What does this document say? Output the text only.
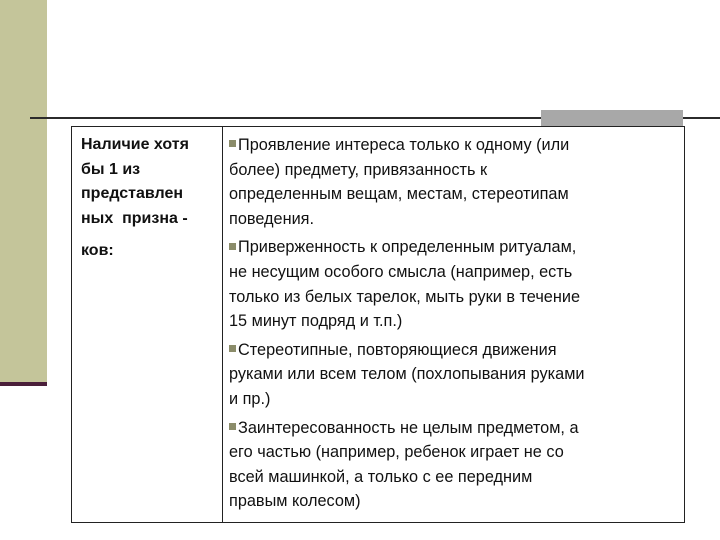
Наличие хотя
бы 1 из
представлен
ных  призна -
ков:
Проявление интереса только к одному (или
более) предмету, привязанность к
определенным вещам, местам, стереотипам
поведения.
Приверженность к определенным ритуалам,
не несущим особого смысла (например, есть
только из белых тарелок, мыть руки в течение
15 минут подряд и т.п.)
Стереотипные, повторяющиеся движения
руками или всем телом (похлопывания руками
и пр.)
Заинтересованность не целым предметом, а
его частью (например, ребенок играет не со
всей машинкой, а только с ее передним
правым колесом)
